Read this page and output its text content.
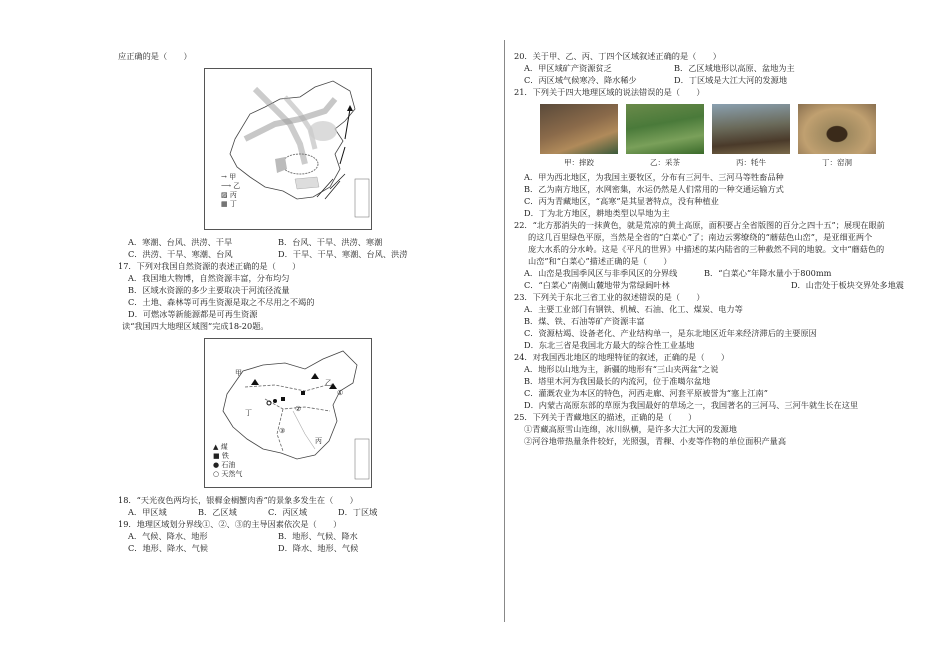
应正确的是（　　）

→ 甲
⟶ 乙
▨ 丙
▦ 丁
A．寒潮、台风、洪涝、干旱	B．台风、干旱、洪涝、寒潮
C．洪涝、干旱、寒潮、台风	D．干旱、干旱、寒潮、台风、洪涝

17．下列对我国自然资源的表述正确的是（　　）

A．我国地大物博，自然资源丰富，分布均匀

B．区域水资源的多少主要取决于河流径流量

C．土地、森林等可再生资源是取之不尽用之不竭的

D．可燃冰等新能源都是可再生资源

读“我国四大地理区域图”完成18-20题。

甲
乙
丙
丁
①
②
③
▲ 煤
■ 铁
● 石油
○ 天然气

18．“天光夜色两均长，银樨金榈蟹肉香”的景象多发生在（　　）

A．甲区域	B．乙区域	C．丙区域	D．丁区域

19．地理区域划分界线①、②、③的主导因素依次是（　　）

A．气候、降水、地形	B．地形、气候、降水
C．地形、降水、气候	D．降水、地形、气候

20．关于甲、乙、丙、丁四个区域叙述正确的是（　　）

A．甲区域矿产资源贫乏	B．乙区域地形以高原、盆地为主
C．丙区域气候寒冷、降水稀少	D．丁区域是大江大河的发源地

21．下列关于四大地理区域的说法错误的是（　　）

甲：摔跤	乙：采茶	丙：牦牛	丁：窑洞

A．甲为西北地区，为我国主要牧区，分布有三河牛、三河马等牲畜品种

B．乙为南方地区，水网密集，水运仍然是人们常用的一种交通运输方式

C．丙为青藏地区，“高寒”是其显著特点，没有种植业

D．丁为北方地区，耕地类型以旱地为主

22．“北方那消失的一抹黄色，就是荒凉的黄土高原，面积要占全省版图的百分之四十五”；展现在眼前

的这几百里绿色平原，当然是全省的“白菜心”了；南边云雾缭绕的“蘑菇色山峦”，是亚细亚两个

庞大水系的分水岭。这是《平凡的世界》中描述的某内陆省的三种截然不同的地貌。文中“蘑菇色的

山峦”和“白菜心”描述正确的是（　　）

A．山峦是我国季风区与非季风区的分界线	B．“白菜心”年降水量小于800mm
C．“白菜心”南侧山麓地带为常绿阔叶林	D．山峦处于板块交界处多地震

23．下列关于东北三省工业的叙述错误的是（　　）

A．主要工业部门有钢铁、机械、石油、化工、煤炭、电力等

B．煤、铁、石油等矿产资源丰富

C．资源枯竭、设备老化、产业结构单一，是东北地区近年来经济滞后的主要原因

D．东北三省是我国北方最大的综合性工业基地

24．对我国西北地区的地理特征的叙述，正确的是（　　）

A．地形以山地为主，新疆的地形有“三山夹两盆”之说

B．塔里木河为我国最长的内流河，位于准噶尔盆地

C．灌溉农业为本区的特色，河西走廊、河套平原被誉为“塞上江南”

D．内蒙古高原东部的草原为我国最好的草场之一，我国著名的三河马、三河牛就生长在这里

25．下列关于青藏地区的描述，正确的是（　　）

①青藏高原雪山连绵，冰川纵横，是许多大江大河的发源地

②河谷地带热量条件较好，光照强，青稞、小麦等作物的单位面积产量高
